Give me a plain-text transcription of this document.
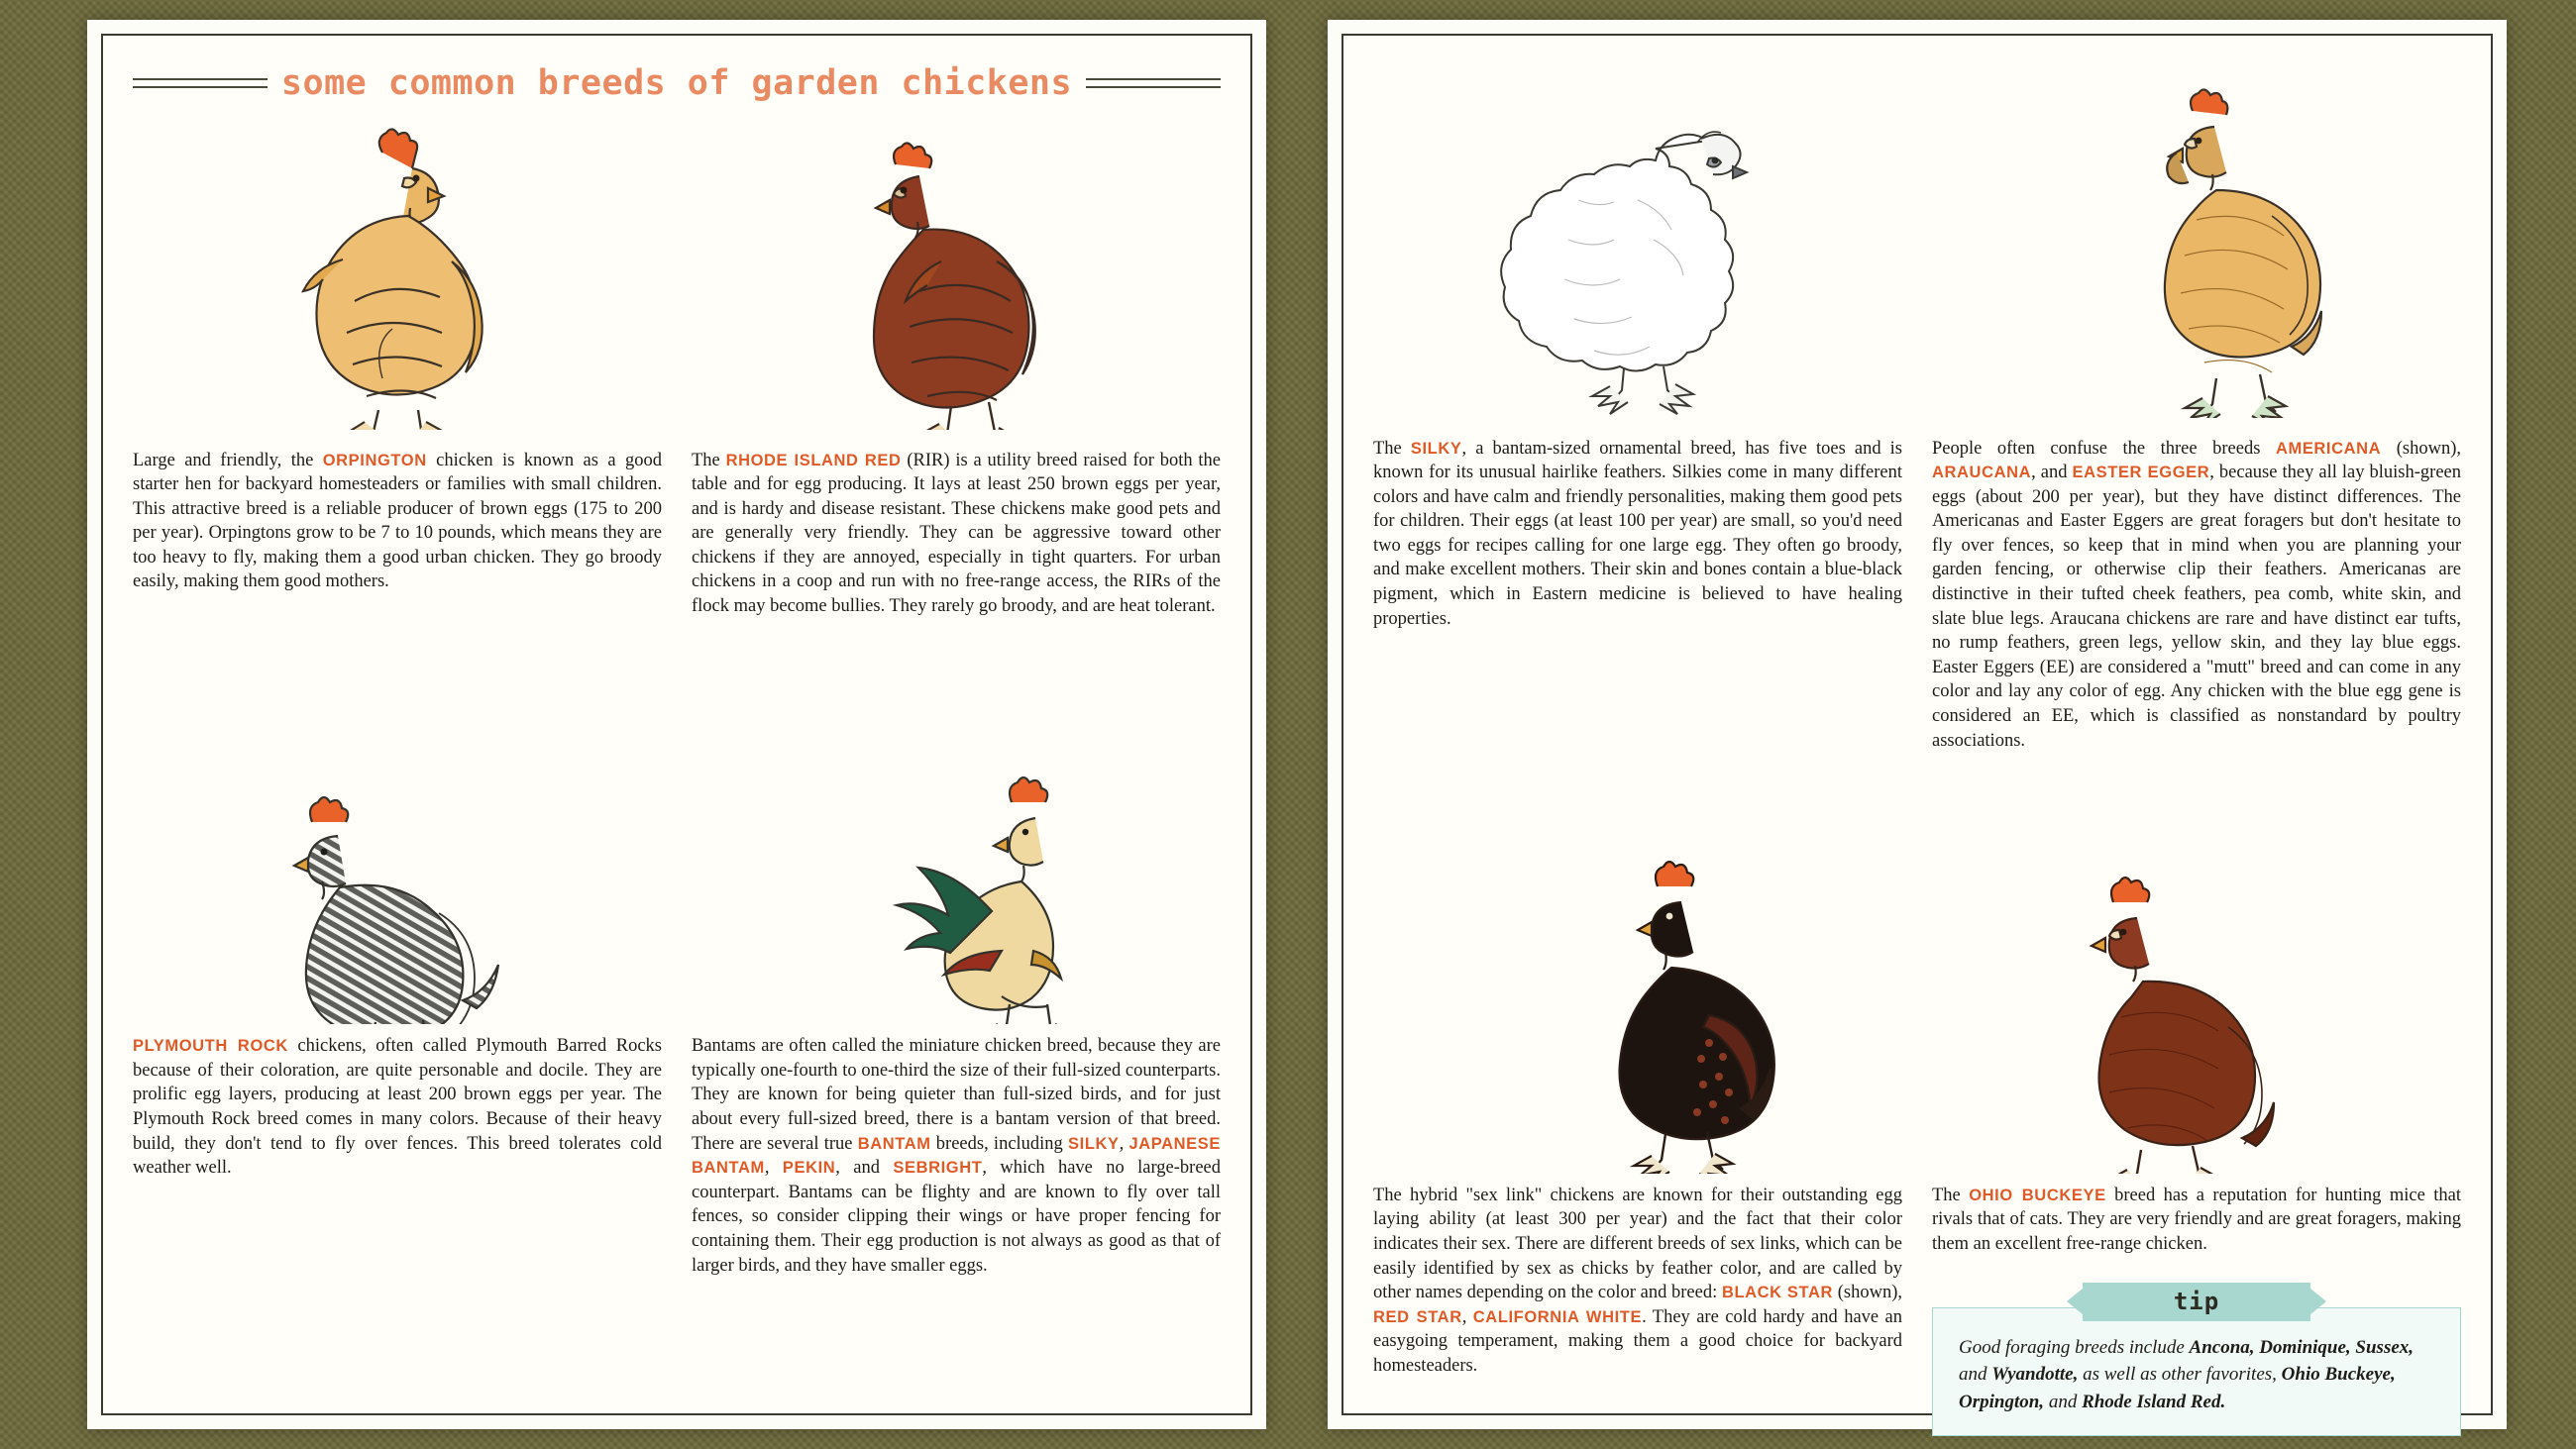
some common breeds of garden chickens

Large and friendly, the ORPINGTON chicken is known as a good starter hen for backyard homesteaders or families with small children. This attractive breed is a reliable producer of brown eggs (175 to 200 per year). Orpingtons grow to be 7 to 10 pounds, which means they are too heavy to fly, making them a good urban chicken. They go broody easily, making them good mothers.

The RHODE ISLAND RED (RIR) is a utility breed raised for both the table and for egg producing. It lays at least 250 brown eggs per year, and is hardy and disease resistant. These chickens make good pets and are generally very friendly. They can be aggressive toward other chickens if they are annoyed, especially in tight quarters. For urban chickens in a coop and run with no free-range access, the RIRs of the flock may become bullies. They rarely go broody, and are heat tolerant.

PLYMOUTH ROCK chickens, often called Plymouth Barred Rocks because of their coloration, are quite personable and docile. They are prolific egg layers, producing at least 200 brown eggs per year. The Plymouth Rock breed comes in many colors. Because of their heavy build, they don't tend to fly over fences. This breed tolerates cold weather well.

Bantams are often called the miniature chicken breed, because they are typically one-fourth to one-third the size of their full-sized counterparts. They are known for being quieter than full-sized birds, and for just about every full-sized breed, there is a bantam version of that breed. There are several true BANTAM breeds, including SILKY, JAPANESE BANTAM, PEKIN, and SEBRIGHT, which have no large-breed counterpart. Bantams can be flighty and are known to fly over tall fences, so consider clipping their wings or have proper fencing for containing them. Their egg production is not always as good as that of larger birds, and they have smaller eggs.

The SILKY, a bantam-sized ornamental breed, has five toes and is known for its unusual hairlike feathers. Silkies come in many different colors and have calm and friendly personalities, making them good pets for children. Their eggs (at least 100 per year) are small, so you'd need two eggs for recipes calling for one large egg. They often go broody, and make excellent mothers. Their skin and bones contain a blue-black pigment, which in Eastern medicine is believed to have healing properties.

People often confuse the three breeds AMERICANA (shown), ARAUCANA, and EASTER EGGER, because they all lay bluish-green eggs (about 200 per year), but they have distinct differences. The Americanas and Easter Eggers are great foragers but don't hesitate to fly over fences, so keep that in mind when you are planning your garden fencing, or otherwise clip their feathers. Americanas are distinctive in their tufted cheek feathers, pea comb, white skin, and slate blue legs. Araucana chickens are rare and have distinct ear tufts, no rump feathers, green legs, yellow skin, and they lay blue eggs. Easter Eggers (EE) are considered a "mutt" breed and can come in any color and lay any color of egg. Any chicken with the blue egg gene is considered an EE, which is classified as nonstandard by poultry associations.

The hybrid "sex link" chickens are known for their outstanding egg laying ability (at least 300 per year) and the fact that their color indicates their sex. There are different breeds of sex links, which can be easily identified by sex as chicks by feather color, and are called by other names depending on the color and breed: BLACK STAR (shown), RED STAR, CALIFORNIA WHITE. They are cold hardy and have an easygoing temperament, making them a good choice for backyard homesteaders.

The OHIO BUCKEYE breed has a reputation for hunting mice that rivals that of cats. They are very friendly and are great foragers, making them an excellent free-range chicken.

tip
Good foraging breeds include Ancona, Dominique, Sussex, and Wyandotte, as well as other favorites, Ohio Buckeye, Orpington, and Rhode Island Red.
